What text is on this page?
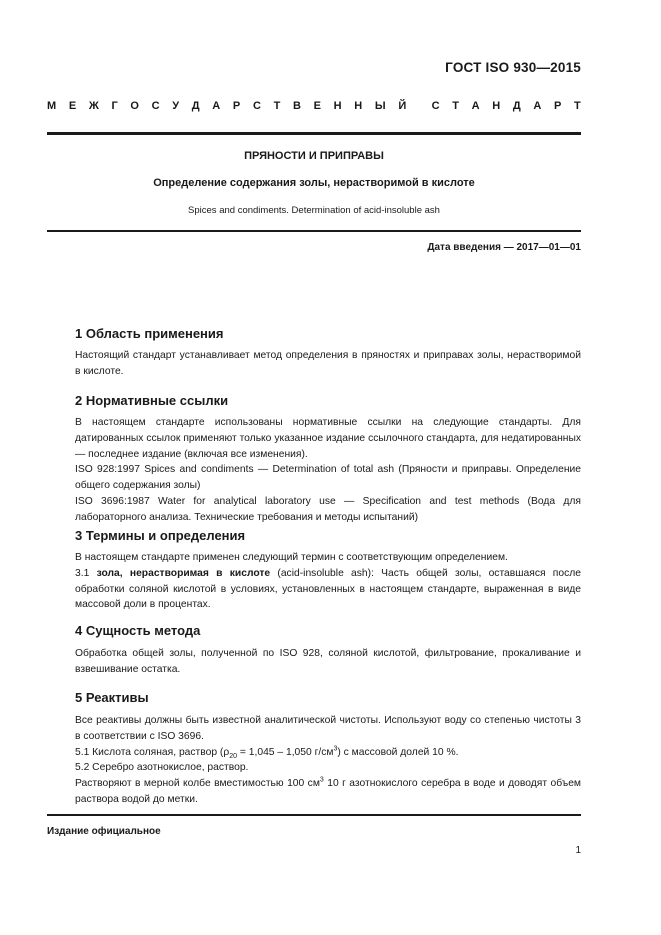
ГОСТ ISO 930—2015
М Е Ж Г О С У Д А Р С Т В Е Н Н Ы Й С Т А Н Д А Р Т
ПРЯНОСТИ И ПРИПРАВЫ
Определение содержания золы, нерастворимой в кислоте
Spices and condiments. Determination of acid-insoluble ash
Дата введения — 2017—01—01
1 Область применения
Настоящий стандарт устанавливает метод определения в пряностях и приправах золы, нерастворимой в кислоте.
2 Нормативные ссылки
В настоящем стандарте использованы нормативные ссылки на следующие стандарты. Для датированных ссылок применяют только указанное издание ссылочного стандарта, для недатированных — последнее издание (включая все изменения).
ISO 928:1997 Spices and condiments — Determination of total ash (Пряности и приправы. Определение общего содержания золы)
ISO 3696:1987 Water for analytical laboratory use — Specification and test methods (Вода для лабораторного анализа. Технические требования и методы испытаний)
3 Термины и определения
В настоящем стандарте применен следующий термин с соответствующим определением.
3.1 зола, нерастворимая в кислоте (acid-insoluble ash): Часть общей золы, оставшаяся после обработки соляной кислотой в условиях, установленных в настоящем стандарте, выраженная в виде массовой доли в процентах.
4 Сущность метода
Обработка общей золы, полученной по ISO 928, соляной кислотой, фильтрование, прокаливание и взвешивание остатка.
5 Реактивы
Все реактивы должны быть известной аналитической чистоты. Используют воду со степенью чистоты 3 в соответствии с ISO 3696.
5.1 Кислота соляная, раствор ($\rho_{20} = 1,045 - 1,050$ $г/см^3$) с массовой долей 10 %.
5.2 Серебро азотнокислое, раствор.
Растворяют в мерной колбе вместимостью 100 $см^3$ 10 г азотнокислого серебра в воде и доводят объем раствора водой до метки.
Издание официальное
1
